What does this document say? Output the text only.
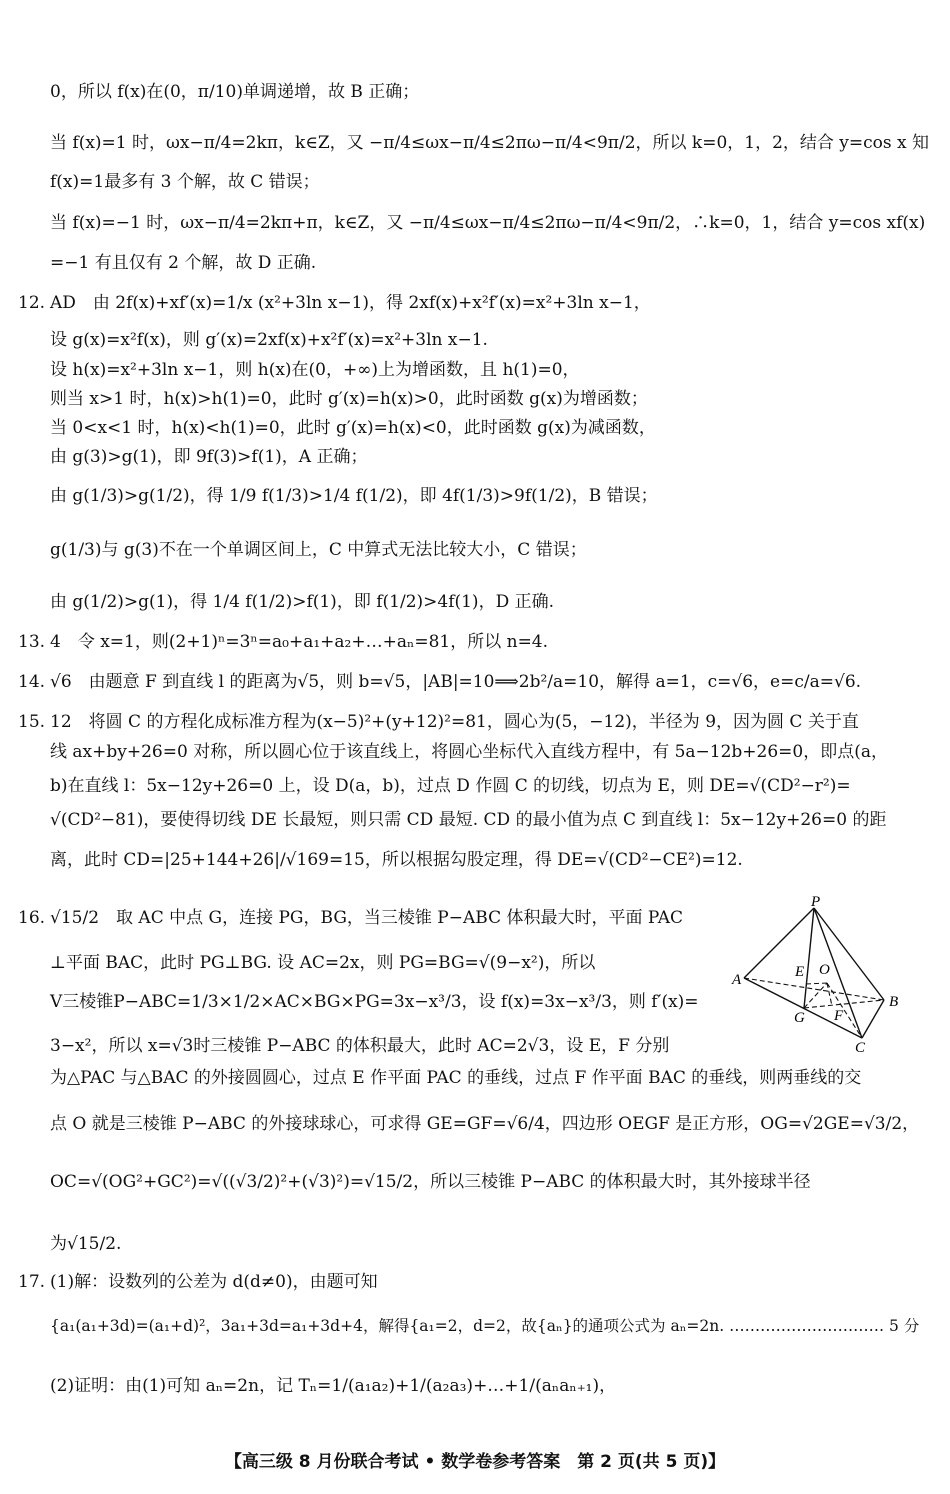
0，所以 f(x)在(0，π/10)单调递增，故 B 正确；
当 f(x)=1 时，ωx−π/4=2kπ，k∈Z，又 −π/4≤ωx−π/4≤2πω−π/4<9π/2，所以 k=0，1，2，结合 y=cos x 知
f(x)=1最多有 3 个解，故 C 错误；
当 f(x)=−1 时，ωx−π/4=2kπ+π，k∈Z，又 −π/4≤ωx−π/4≤2πω−π/4<9π/2，∴k=0，1，结合 y=cos xf(x)
=−1 有且仅有 2 个解，故 D 正确.
12. AD　由 2f(x)+xf′(x)=1/x (x²+3ln x−1)，得 2xf(x)+x²f′(x)=x²+3ln x−1，
设 g(x)=x²f(x)，则 g′(x)=2xf(x)+x²f′(x)=x²+3ln x−1.
设 h(x)=x²+3ln x−1，则 h(x)在(0，+∞)上为增函数，且 h(1)=0，
则当 x>1 时，h(x)>h(1)=0，此时 g′(x)=h(x)>0，此时函数 g(x)为增函数；
当 0<x<1 时，h(x)<h(1)=0，此时 g′(x)=h(x)<0，此时函数 g(x)为减函数，
由 g(3)>g(1)，即 9f(3)>f(1)，A 正确；
由 g(1/3)>g(1/2)，得 1/9 f(1/3)>1/4 f(1/2)，即 4f(1/3)>9f(1/2)，B 错误；
g(1/3)与 g(3)不在一个单调区间上，C 中算式无法比较大小，C 错误；
由 g(1/2)>g(1)，得 1/4 f(1/2)>f(1)，即 f(1/2)>4f(1)，D 正确.
13. 4　令 x=1，则(2+1)ⁿ=3ⁿ=a₀+a₁+a₂+…+aₙ=81，所以 n=4.
14. √6　由题意 F 到直线 l 的距离为√5，则 b=√5，|AB|=10⟹2b²/a=10，解得 a=1，c=√6，e=c/a=√6.
15. 12　将圆 C 的方程化成标准方程为(x−5)²+(y+12)²=81，圆心为(5，−12)，半径为 9，因为圆 C 关于直
线 ax+by+26=0 对称，所以圆心位于该直线上，将圆心坐标代入直线方程中，有 5a−12b+26=0，即点(a，
b)在直线 l：5x−12y+26=0 上，设 D(a，b)，过点 D 作圆 C 的切线，切点为 E，则 DE=√(CD²−r²)=
√(CD²−81)，要使得切线 DE 长最短，则只需 CD 最短. CD 的最小值为点 C 到直线 l：5x−12y+26=0 的距
离，此时 CD=|25+144+26|/√169=15，所以根据勾股定理，得 DE=√(CD²−CE²)=12.
16. √15/2　取 AC 中点 G，连接 PG，BG，当三棱锥 P−ABC 体积最大时，平面 PAC
⊥平面 BAC，此时 PG⊥BG. 设 AC=2x，则 PG=BG=√(9−x²)，所以
V三棱锥P−ABC=1/3×1/2×AC×BG×PG=3x−x³/3，设 f(x)=3x−x³/3，则 f′(x)=
3−x²，所以 x=√3时三棱锥 P−ABC 的体积最大，此时 AC=2√3，设 E，F 分别
为△PAC 与△BAC 的外接圆圆心，过点 E 作平面 PAC 的垂线，过点 F 作平面 BAC 的垂线，则两垂线的交
点 O 就是三棱锥 P−ABC 的外接球球心，可求得 GE=GF=√6/4，四边形 OEGF 是正方形，OG=√2GE=√3/2，
OC=√(OG²+GC²)=√((√3/2)²+(√3)²)=√15/2，所以三棱锥 P−ABC 的体积最大时，其外接球半径
为√15/2.
P
A
B
C
E O
G F
17. (1)解：设数列的公差为 d(d≠0)，由题可知
{a₁(a₁+3d)=(a₁+d)²，3a₁+3d=a₁+3d+4，解得{a₁=2，d=2，故{aₙ}的通项公式为 aₙ=2n. ………………………… 5 分
(2)证明：由(1)可知 aₙ=2n，记 Tₙ=1/(a₁a₂)+1/(a₂a₃)+…+1/(aₙaₙ₊₁)，
【高三级 8 月份联合考试 • 数学卷参考答案　第 2 页(共 5 页)】
